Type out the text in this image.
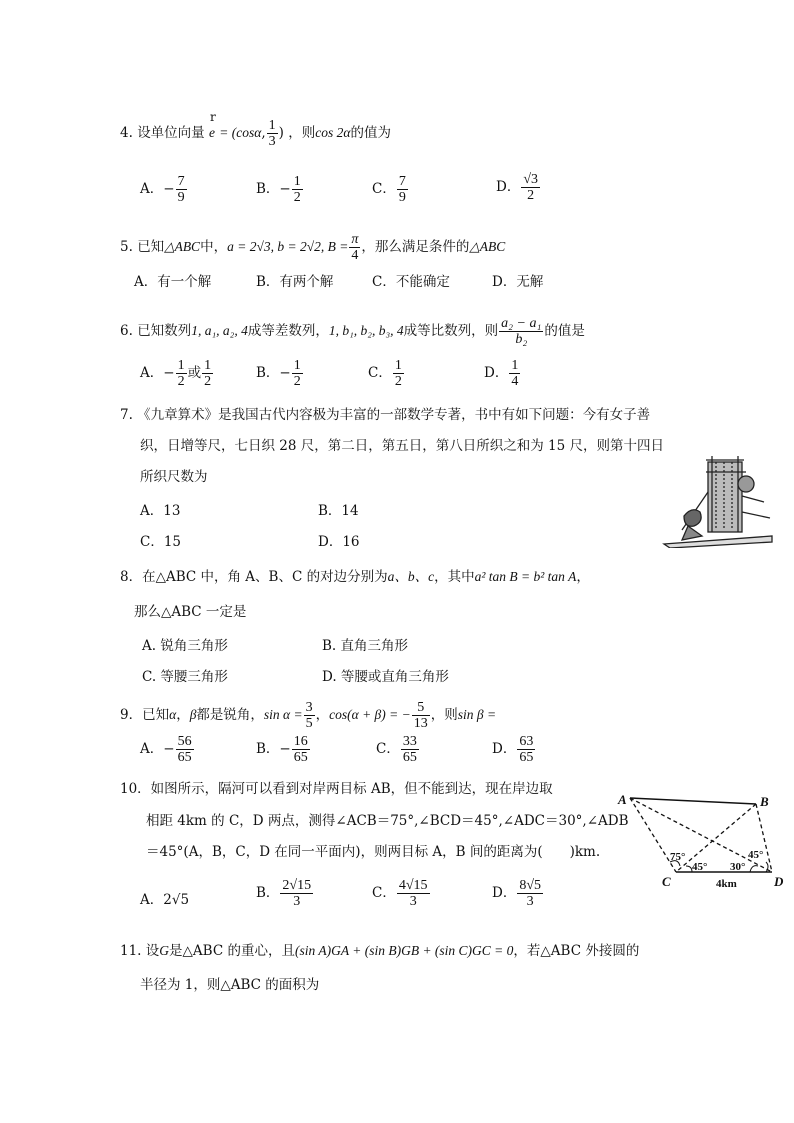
4. 设单位向量
r
e = (cosα, $\frac{1}{3}$ ) ，则cos 2α的值为
A．− $\frac{7}{9}$	B．− $\frac{1}{2}$	C． $\frac{7}{9}$	D． $\frac{√3}{2}$
5. 已知△ABC中，a = 2√3, b = 2√2, $B = \frac{\pi}{4}$ ，那么满足条件的△ABC
A．有一个解	B．有两个解	C．不能确定	D．无解
6. 已知数列1, a₁, a₂, 4成等差数列，1, b₁, b₂, b₃, 4成等比数列，则 $\frac{\text{a₂ − a₁}}{\text{b₂}}$ 的值是
A．− $\frac{1}{2}$ 或 $\frac{1}{2}$	B．− $\frac{1}{2}$	C． $\frac{1}{2}$	D． $\frac{1}{4}$
7. 《九章算术》是我国古代内容极为丰富的一部数学专著，书中有如下问题：今有女子善
织，日增等尺，七日织 28 尺，第二日，第五日，第八日所织之和为 15 尺，则第十四日
所织尺数为
A．13	B．14
C．15	D．16
8．在△ABC 中，角 A、B、C 的对边分别为a、b、c，其中a² tan B = b² tan A，
那么△ABC 一定是
A. 锐角三角形	B. 直角三角形
C. 等腰三角形	D. 等腰或直角三角形
9．已知α，β都是锐角，$\sin \alpha = \frac{3}{5}$ ，cos(α + β) = − $\frac{5}{13}$ ，则sin β =
A．− $\frac{56}{65}$	B．− $\frac{16}{65}$	C． $\frac{33}{65}$	D． $\frac{63}{65}$
10．如图所示，隔河可以看到对岸两目标 AB，但不能到达，现在岸边取
相距 4km 的 C，D 两点，测得∠ACB＝75°,∠BCD＝45°,∠ADC＝30°,∠ADB
＝45°(A，B，C，D 在同一平面内)，则两目标 A，B 间的距离为(　　)km.
A．2√5	B． $\frac{2√15}{3}$	C． $\frac{4√15}{3}$	D． $\frac{8√5}{3}$
A	B
C	D
75°
45° 30°
45°
4km
11. 设G是△ABC 的重心，且(sin A)GA + (sin B)GB + (sin C)GC = 0，若△ABC 外接圆的
半径为 1，则△ABC 的面积为
